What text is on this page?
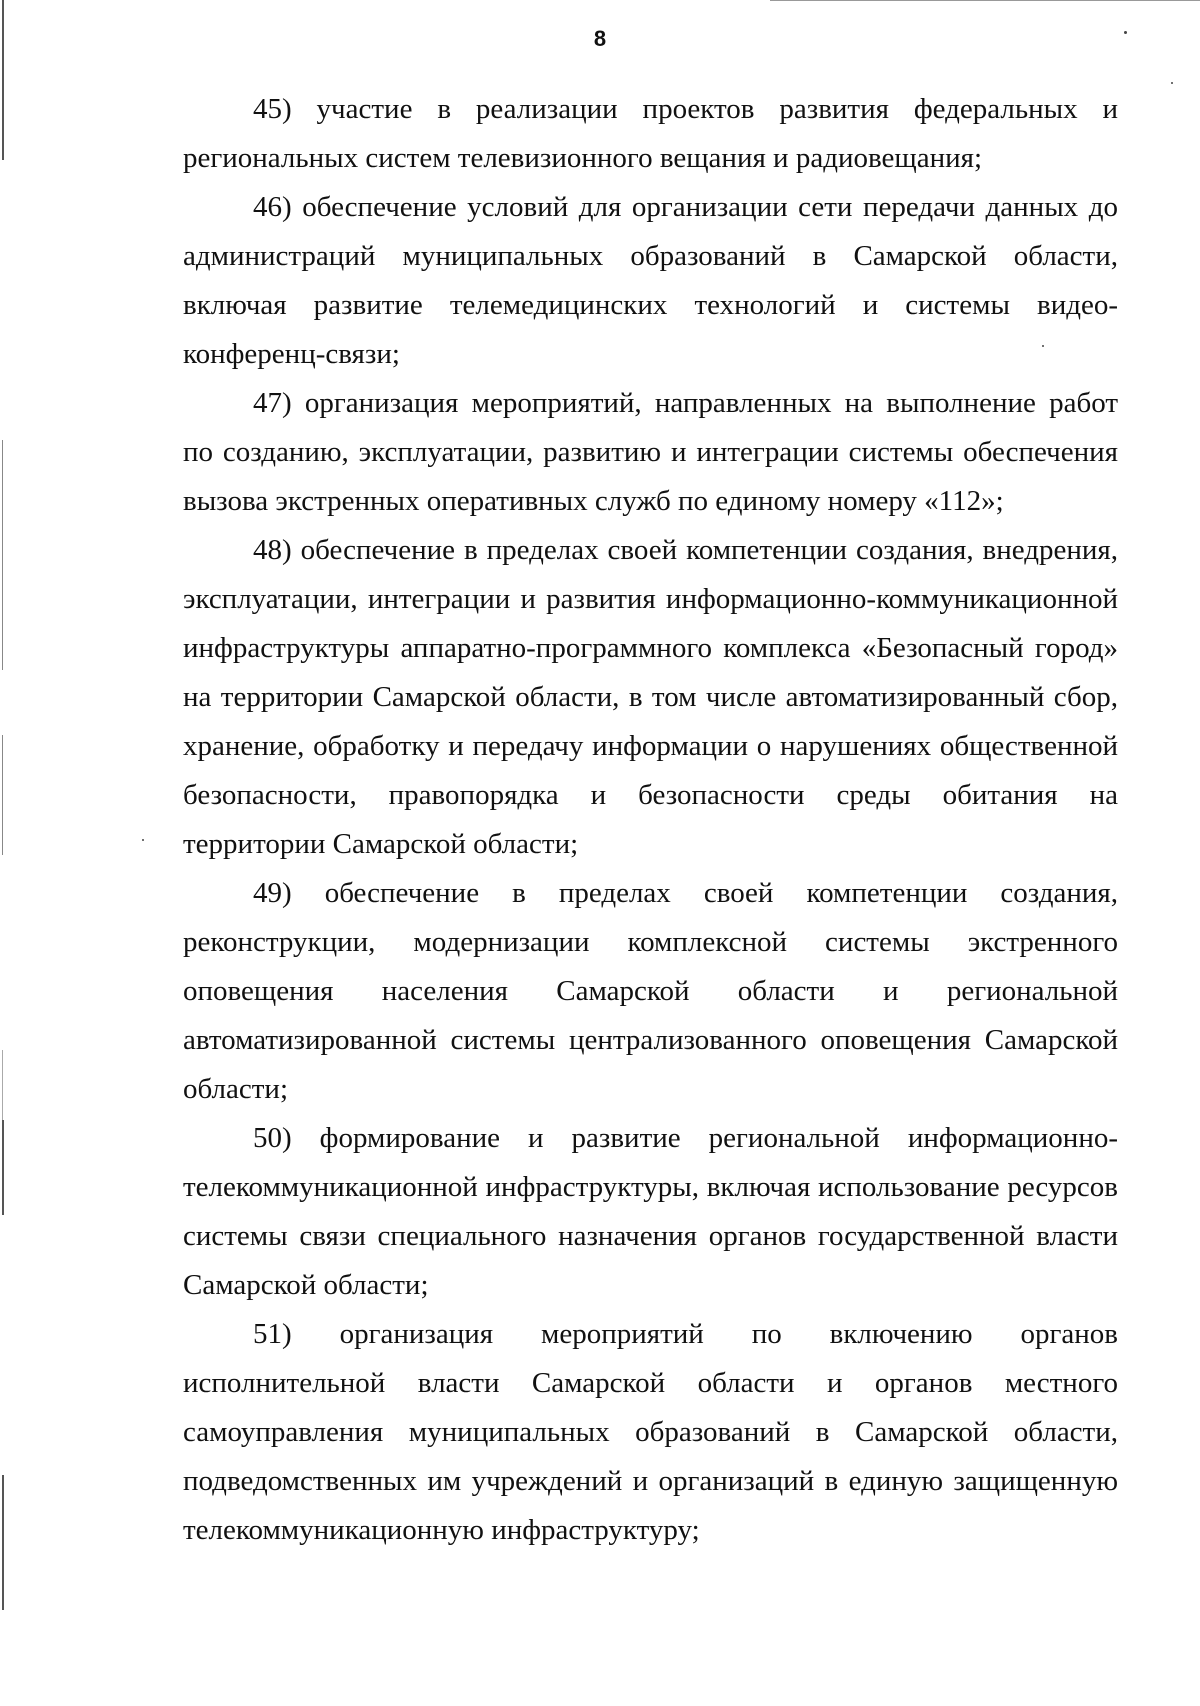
8

45) участие в реализации проектов развития федеральных и региональных систем телевизионного вещания и радиовещания;

46) обеспечение условий для организации сети передачи данных до администраций муниципальных образований в Самарской области, включая развитие телемедицинских технологий и системы видео-конференц-связи;

47) организация мероприятий, направленных на выполнение работ по созданию, эксплуатации, развитию и интеграции системы обеспечения вызова экстренных оперативных служб по единому номеру «112»;

48) обеспечение в пределах своей компетенции создания, внедрения, эксплуатации, интеграции и развития информационно-коммуникационной инфраструктуры аппаратно-программного комплекса «Безопасный город» на территории Самарской области, в том числе автоматизированный сбор, хранение, обработку и передачу информации о нарушениях общественной безопасности, правопорядка и безопасности среды обитания на территории Самарской области;

49) обеспечение в пределах своей компетенции создания, реконструкции, модернизации комплексной системы экстренного оповещения населения Самарской области и региональной автоматизированной системы централизованного оповещения Самарской области;

50) формирование и развитие региональной информационно-телекоммуникационной инфраструктуры, включая использование ресурсов системы связи специального назначения органов государственной власти Самарской области;

51) организация мероприятий по включению органов исполнительной власти Самарской области и органов местного самоуправления муниципальных образований в Самарской области, подведомственных им учреждений и организаций в единую защищенную телекоммуникационную инфраструктуру;
